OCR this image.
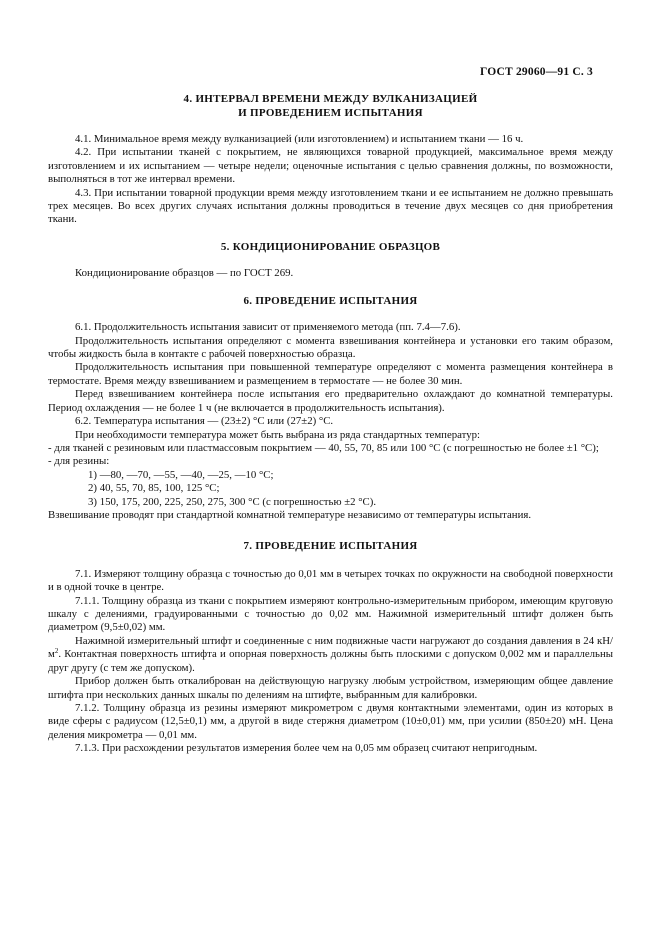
ГОСТ 29060—91 С. 3
4. ИНТЕРВАЛ ВРЕМЕНИ МЕЖДУ ВУЛКАНИЗАЦИЕЙ
И ПРОВЕДЕНИЕМ ИСПЫТАНИЯ

4.1. Минимальное время между вулканизацией (или изготовлением) и испытанием ткани — 16 ч.

4.2. При испытании тканей с покрытием, не являющихся товарной продукцией, максимальное время между изготовлением и их испытанием — четыре недели; оценочные испытания с целью сравнения должны, по возможности, выполняться в тот же интервал времени.

4.3. При испытании товарной продукции время между изготовлением ткани и ее испытанием не должно превышать трех месяцев. Во всех других случаях испытания должны проводиться в течение двух месяцев со дня приобретения ткани.

5. КОНДИЦИОНИРОВАНИЕ ОБРАЗЦОВ

Кондиционирование образцов — по ГОСТ 269.

6. ПРОВЕДЕНИЕ ИСПЫТАНИЯ

6.1. Продолжительность испытания зависит от применяемого метода (пп. 7.4—7.6).

Продолжительность испытания определяют с момента взвешивания контейнера и установки его таким образом, чтобы жидкость была в контакте с рабочей поверхностью образца.

Продолжительность испытания при повышенной температуре определяют с момента размещения контейнера в термостате. Время между взвешиванием и размещением в термостате — не более 30 мин.

Перед взвешиванием контейнера после испытания его предварительно охлаждают до комнатной температуры. Период охлаждения — не более 1 ч (не включается в продолжительность испытания).

6.2. Температура испытания — (23±2) °С или (27±2) °С.

При необходимости температура может быть выбрана из ряда стандартных температур:

- для тканей с резиновым или пластмассовым покрытием — 40, 55, 70, 85 или 100 °С (с погрешностью не более ±1 °С);

- для резины:

1) —80, —70, —55, —40, —25, —10 °С;

2) 40, 55, 70, 85, 100, 125 °С;

3) 150, 175, 200, 225, 250, 275, 300 °С (с погрешностью ±2 °С).

Взвешивание проводят при стандартной комнатной температуре независимо от температуры испытания.

7. ПРОВЕДЕНИЕ ИСПЫТАНИЯ

7.1. Измеряют толщину образца с точностью до 0,01 мм в четырех точках по окружности на свободной поверхности и в одной точке в центре.

7.1.1. Толщину образца из ткани с покрытием измеряют контрольно-измерительным прибором, имеющим круговую шкалу с делениями, градуированными с точностью до 0,02 мм. Нажимной измерительный штифт должен быть диаметром (9,5±0,02) мм.

Нажимной измерительный штифт и соединенные с ним подвижные части нагружают до создания давления в 24 $кН/м^2$. Контактная поверхность штифта и опорная поверхность должны быть плоскими с допуском 0,002 мм и параллельны друг другу (с тем же допуском).

Прибор должен быть откалиброван на действующую нагрузку любым устройством, измеряющим общее давление штифта при нескольких данных шкалы по делениям на штифте, выбранным для калибровки.

7.1.2. Толщину образца из резины измеряют микрометром с двумя контактными элементами, один из которых в виде сферы с радиусом (12,5±0,1) мм, а другой в виде стержня диаметром (10±0,01) мм, при усилии (850±20) мН. Цена деления микрометра — 0,01 мм.

7.1.3. При расхождении результатов измерения более чем на 0,05 мм образец считают непригодным.
